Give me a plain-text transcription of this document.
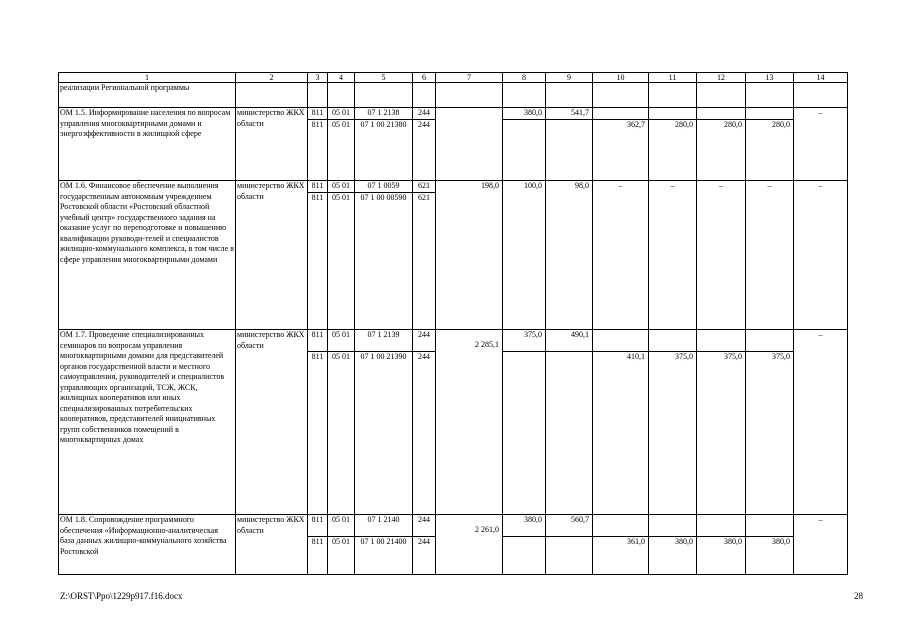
1	2	3	4	5	6	7	8	9	10	11	12	13	14
реализации Региональной программы													
ОМ 1.5. Информирование населения по вопросам управления многоквартирными домами и энергоэффективности в жилищной сфере	министерство ЖКХ области	811	05 01	07 1 2138	244		380,0	541,7					–
		811	05 01	07 1 00 21380	244				362,7	280,0	280,0	280,0	
ОМ 1.6. Финансовое обеспечение выполнения государственным автономным учреждением Ростовской области «Ростовский областной учебный центр» государственного задания на оказание услуг по переподготовке и повышению квалификации руководи-телей и специалистов жилищно-коммунального комплекса, в том числе в сфере управления многоквартирными домами	министерство ЖКХ области	811	05 01	07 1 0059	621	198,0	100,0	98,0	–	–	–	–	–
		811	05 01	07 1 00 00590	621								
ОМ 1.7. Проведение специализированных семинаров по вопросам управления многоквартирными домами для представителей органов государственной власти и местного самоуправления, руководителей и специалистов управляющих организаций, ТСЖ, ЖСК, жилищных кооперативов или иных специализированных потребительских кооперативов, представителей инициативных групп собственников помещений в многоквартирных домах	министерство ЖКХ области	811	05 01	07 1 2139	244	2 285,1	375,0	490,1					–
		811	05 01	07 1 00 21390	244				410,1	375,0	375,0	375,0	
ОМ 1.8. Сопровождение программного обеспечения «Информационно-аналитическая база данных жилищно-коммунального хозяйства Ростовской	министерство ЖКХ области	811	05 01	07 1 2140	244	2 261,0	380,0	560,7					–
		811	05 01	07 1 00 21400	244				361,0	380,0	380,0	380,0	
Z:\ORST\Ppo\1229p917.f16.docx	28
